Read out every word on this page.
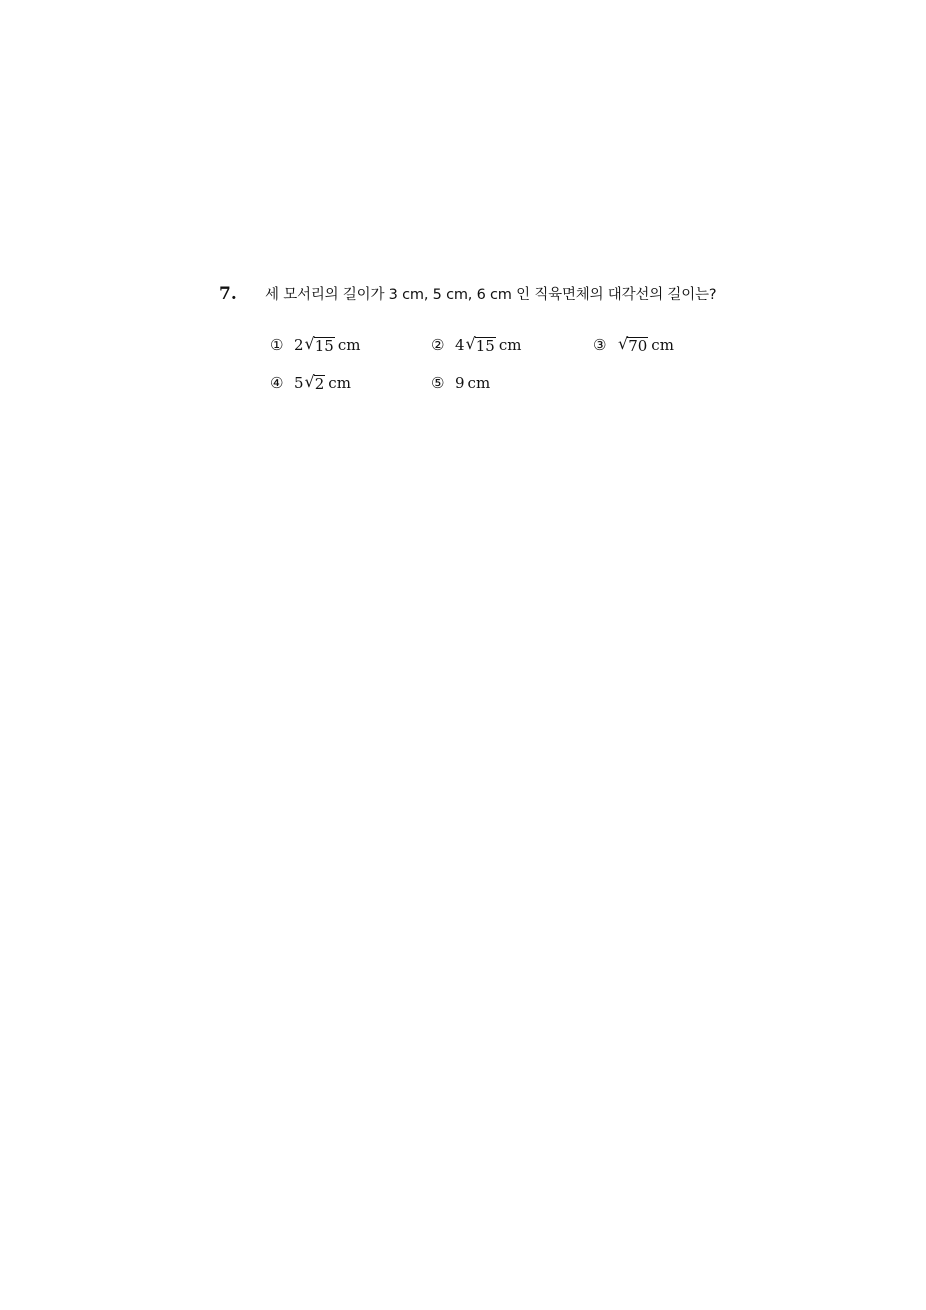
7. 세 모서리의 길이가 3 cm, 5 cm, 6 cm 인 직육면체의 대각선의 길이는?
① 2 √ 15 cm	② 4 √ 15 cm	③ √ 70 cm
④ 5 √ 2 cm	⑤ 9 cm
